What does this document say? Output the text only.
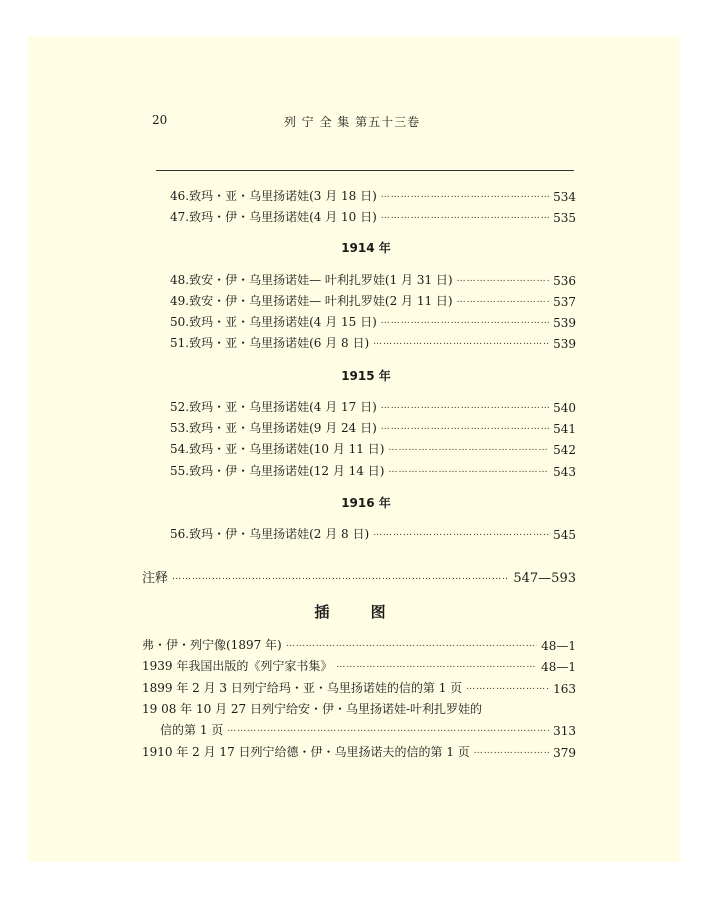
20	列 宁 全 集 第五十三卷
46.致玛・亚・乌里扬诺娃(3 月 18 日) ………………………………………………………………………………………………………………………………………………………………………………………………………………	534
47.致玛・伊・乌里扬诺娃(4 月 10 日) ………………………………………………………………………………………………………………………………………………………………………………………………………………	535
1914 年
48.致安・伊・乌里扬诺娃— 叶利扎罗娃(1 月 31 日) ………………………………………………………………………………………………………………………………………………………………………………………………………………	536
49.致安・伊・乌里扬诺娃— 叶利扎罗娃(2 月 11 日) ………………………………………………………………………………………………………………………………………………………………………………………………………………	537
50.致玛・亚・乌里扬诺娃(4 月 15 日) ………………………………………………………………………………………………………………………………………………………………………………………………………………	539
51.致玛・亚・乌里扬诺娃(6 月 8 日) ………………………………………………………………………………………………………………………………………………………………………………………………………………	539
1915 年
52.致玛・亚・乌里扬诺娃(4 月 17 日) ………………………………………………………………………………………………………………………………………………………………………………………………………………	540
53.致玛・亚・乌里扬诺娃(9 月 24 日) ………………………………………………………………………………………………………………………………………………………………………………………………………………	541
54.致玛・亚・乌里扬诺娃(10 月 11 日) ………………………………………………………………………………………………………………………………………………………………………………………………………………	542
55.致玛・伊・乌里扬诺娃(12 月 14 日) ………………………………………………………………………………………………………………………………………………………………………………………………………………	543
1916 年
56.致玛・伊・乌里扬诺娃(2 月 8 日) ………………………………………………………………………………………………………………………………………………………………………………………………………………	545
注释 ………………………………………………………………………………………………………………………………………………………………………………………………………………	547—593
插 图
弗・伊・列宁像(1897 年) ………………………………………………………………………………………………………………………………………………………………………………………………………………	48—1
1939 年我国出版的《列宁家书集》 ………………………………………………………………………………………………………………………………………………………………………………………………………………	48—1
1899 年 2 月 3 日列宁给玛・亚・乌里扬诺娃的信的第 1 页 ………………………………………………………………………………………………………………………………………………………………………………………………………………	163
19 08 年 10 月 27 日列宁给安・伊・乌里扬诺娃-叶利扎罗娃的
信的第 1 页 ………………………………………………………………………………………………………………………………………………………………………………………………………………	313
1910 年 2 月 17 日列宁给德・伊・乌里扬诺夫的信的第 1 页 ………………………………………………………………………………………………………………………………………………………………………………………………………………	379
